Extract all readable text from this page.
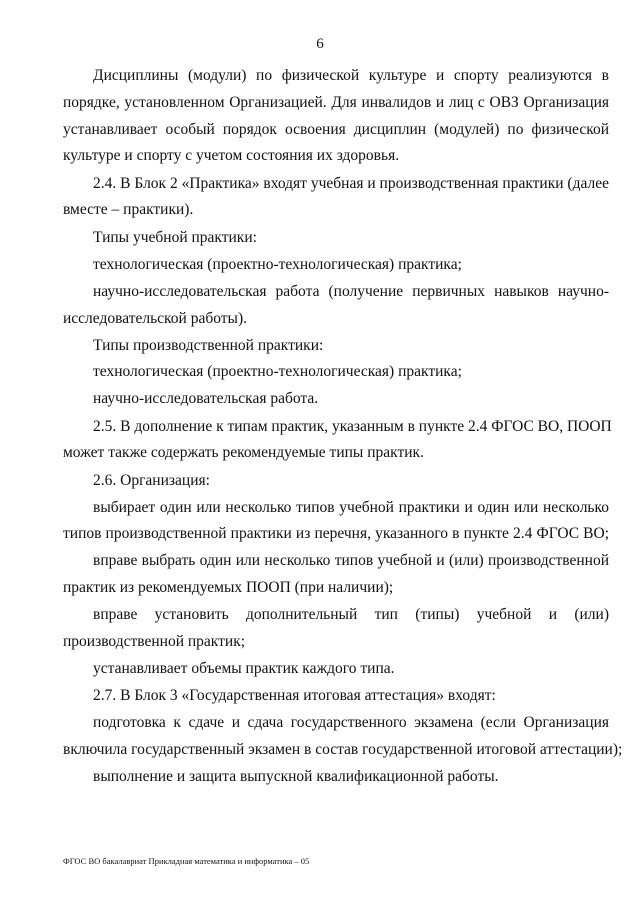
6
Дисциплины (модули) по физической культуре и спорту реализуются в
порядке, установленном Организацией. Для инвалидов и лиц с ОВЗ Организация
устанавливает особый порядок освоения дисциплин (модулей) по физической
культуре и спорту с учетом состояния их здоровья.
2.4. В Блок 2 «Практика» входят учебная и производственная практики (далее
вместе – практики).
Типы учебной практики:
технологическая (проектно-технологическая) практика;
научно-исследовательская работа (получение первичных навыков научно-
исследовательской работы).
Типы производственной практики:
технологическая (проектно-технологическая) практика;
научно-исследовательская работа.
2.5. В дополнение к типам практик, указанным в пункте 2.4 ФГОС ВО, ПООП
может также содержать рекомендуемые типы практик.
2.6. Организация:
выбирает один или несколько типов учебной практики и один или несколько
типов производственной практики из перечня, указанного в пункте 2.4 ФГОС ВО;
вправе выбрать один или несколько типов учебной и (или) производственной
практик из рекомендуемых ПООП (при наличии);
вправе установить дополнительный тип (типы) учебной и (или)
производственной практик;
устанавливает объемы практик каждого типа.
2.7. В Блок 3 «Государственная итоговая аттестация» входят:
подготовка к сдаче и сдача государственного экзамена (если Организация
включила государственный экзамен в состав государственной итоговой аттестации);
выполнение и защита выпускной квалификационной работы.
ФГОС ВО бакалавриат Прикладная математика и информатика – 05
